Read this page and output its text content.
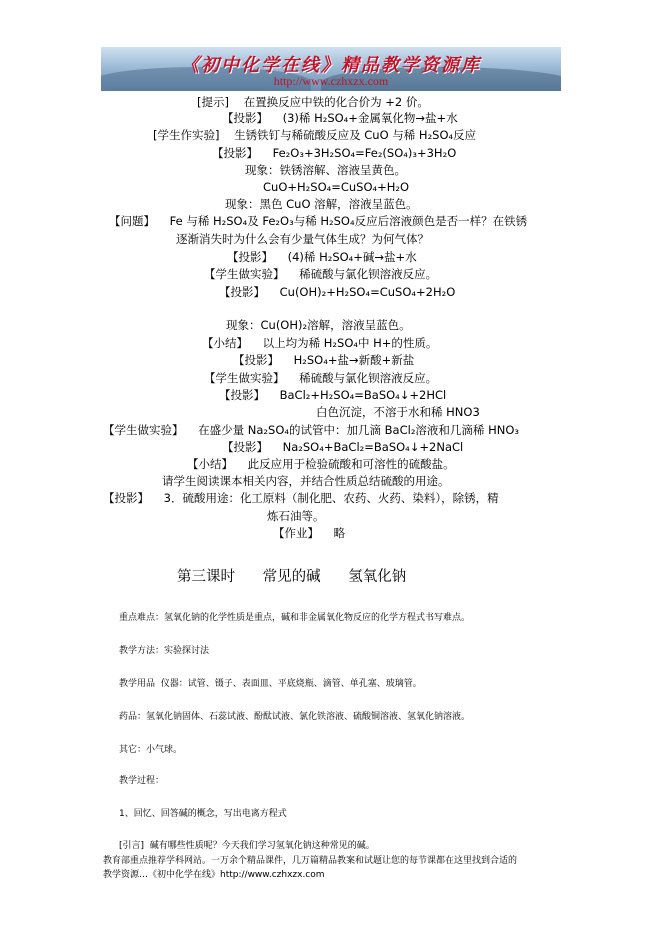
《初中化学在线》精品教学资源库
http://www.czhxzx.com
[提示]    在置换反应中铁的化合价为 +2 价。
【投影】    (3)稀 H₂SO₄+金属氧化物→盐+水
[学生作实验]    生锈铁钉与稀硫酸反应及 CuO 与稀 H₂SO₄反应
【投影】    Fe₂O₃+3H₂SO₄=Fe₂(SO₄)₃+3H₂O
现象：铁锈溶解、溶液呈黄色。
CuO+H₂SO₄=CuSO₄+H₂O
现象：黑色 CuO 溶解，溶液呈蓝色。
【问题】    Fe 与稀 H₂SO₄及 Fe₂O₃与稀 H₂SO₄反应后溶液颜色是否一样？在铁锈
逐渐消失时为什么会有少量气体生成？为何气体？
【投影】    (4)稀 H₂SO₄+碱→盐+水
【学生做实验】    稀硫酸与氯化钡溶液反应。
【投影】    Cu(OH)₂+H₂SO₄=CuSO₄+2H₂O
现象：Cu(OH)₂溶解，溶液呈蓝色。
【小结】    以上均为稀 H₂SO₄中 H+的性质。
【投影】    H₂SO₄+盐→新酸+新盐
【学生做实验】    稀硫酸与氯化钡溶液反应。
【投影】    BaCl₂+H₂SO₄=BaSO₄↓+2HCl
白色沉淀，不溶于水和稀 HNO3
【学生做实验】    在盛少量 Na₂SO₄的试管中：加几滴 BaCl₂溶液和几滴稀 HNO₃
【投影】    Na₂SO₄+BaCl₂=BaSO₄↓+2NaCl
【小结】    此反应用于检验硫酸和可溶性的硫酸盐。
请学生阅读课本相关内容，并结合性质总结硫酸的用途。
【投影】    3．硫酸用途：化工原料（制化肥、农药、火药、染料），除锈，精
炼石油等。
【作业】    略
第三课时      常见的碱      氢氧化钠
重点难点：氢氧化钠的化学性质是重点，碱和非金属氧化物反应的化学方程式书写难点。
教学方法：实验探讨法
教学用品  仪器：试管、镊子、表面皿、平底烧瓶、滴管、单孔塞、玻璃管。
药品：氢氧化钠固体、石蕊试液、酚酞试液、氯化铁溶液、硫酸铜溶液、氢氧化钠溶液。
其它：小气球。
教学过程：
1、回忆、回答碱的概念，写出电离方程式
[引言]  碱有哪些性质呢？今天我们学习氢氧化钠这种常见的碱。
教育部重点推荐学科网站。一万余个精品课件，几万篇精品教案和试题让您的每节课都在这里找到合适的
教学资源…《初中化学在线》http://www.czhxzx.com
